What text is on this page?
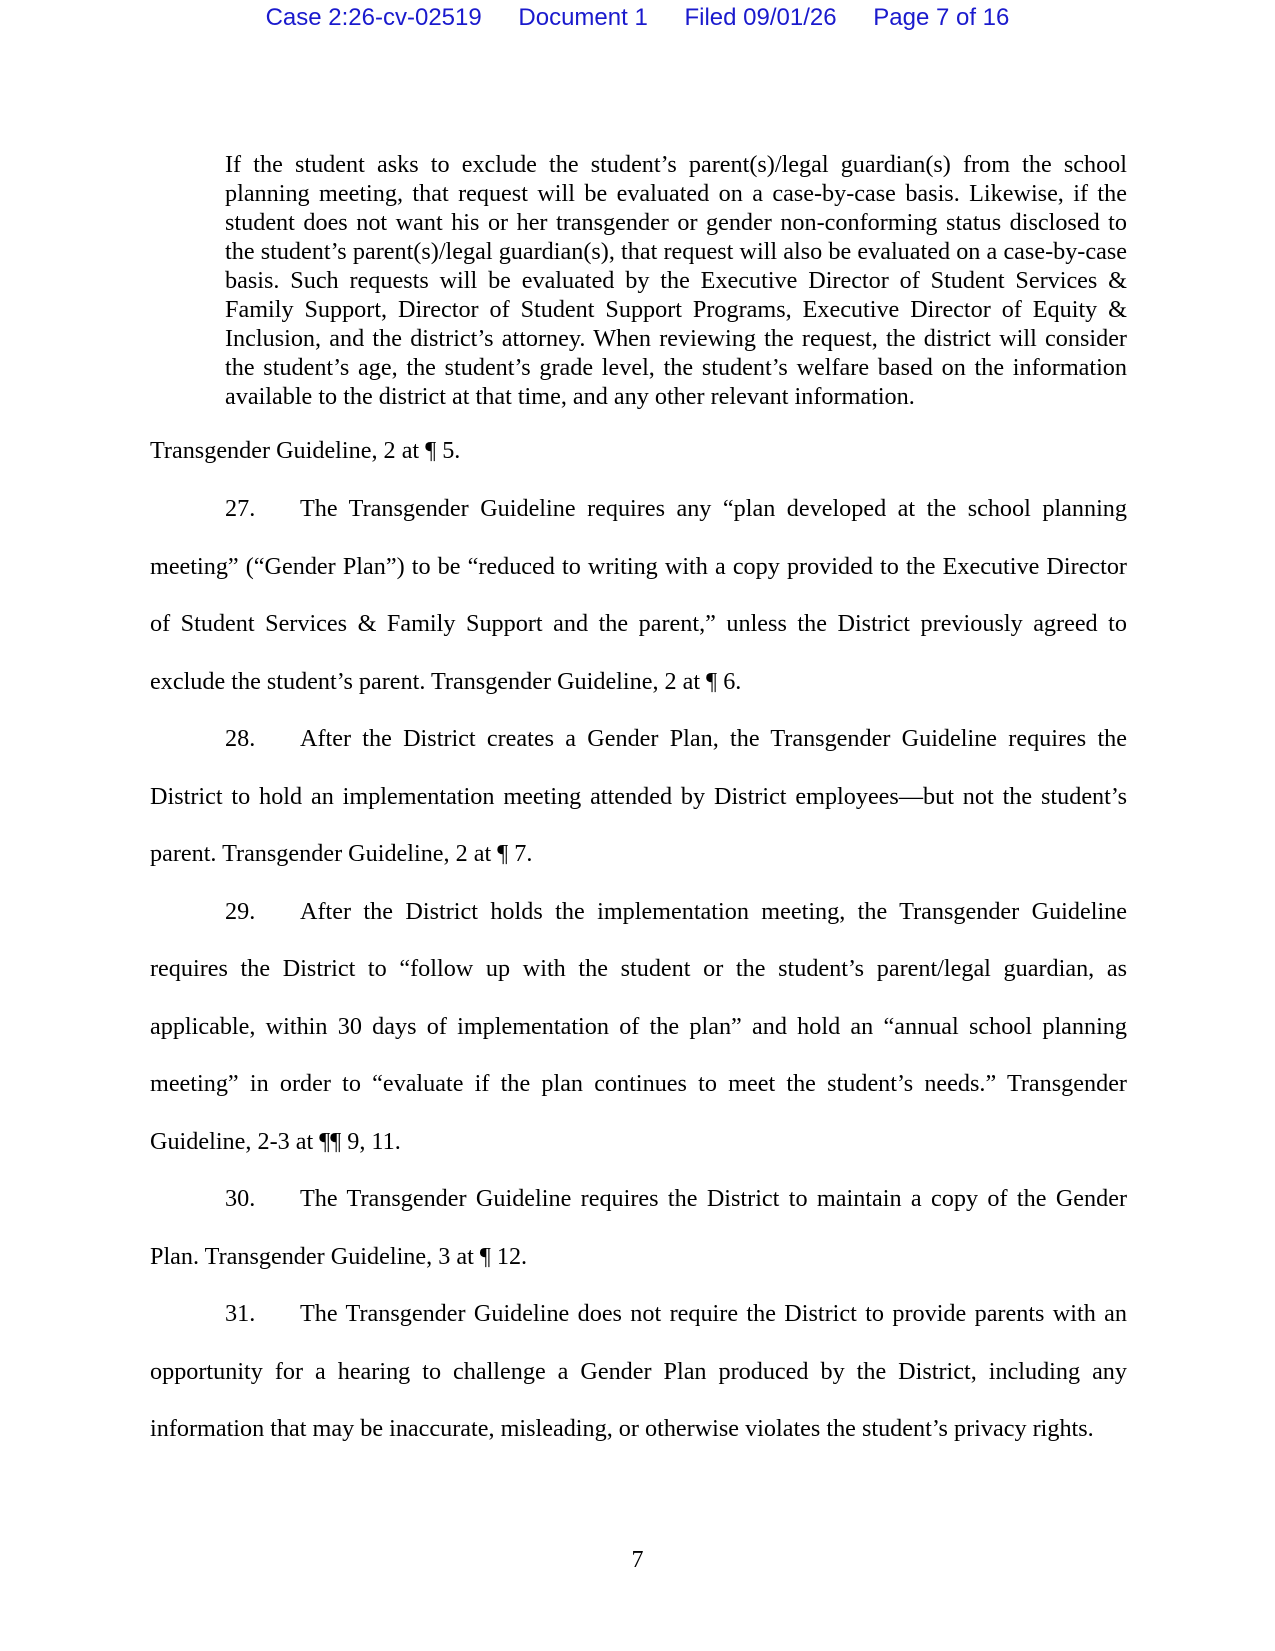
Case 2:26-cv-02519 Document 1 Filed 09/01/26 Page 7 of 16
If the student asks to exclude the student’s parent(s)/legal guardian(s) from the school planning meeting, that request will be evaluated on a case-by-case basis. Likewise, if the student does not want his or her transgender or gender non-conforming status disclosed to the student’s parent(s)/legal guardian(s), that request will also be evaluated on a case-by-case basis. Such requests will be evaluated by the Executive Director of Student Services & Family Support, Director of Student Support Programs, Executive Director of Equity & Inclusion, and the district’s attorney. When reviewing the request, the district will consider the student’s age, the student’s grade level, the student’s welfare based on the information available to the district at that time, and any other relevant information.
Transgender Guideline, 2 at ¶ 5.

27. The Transgender Guideline requires any “plan developed at the school planning meeting” (“Gender Plan”) to be “reduced to writing with a copy provided to the Executive Director of Student Services & Family Support and the parent,” unless the District previously agreed to exclude the student’s parent. Transgender Guideline, 2 at ¶ 6.

28. After the District creates a Gender Plan, the Transgender Guideline requires the District to hold an implementation meeting attended by District employees—but not the student’s parent. Transgender Guideline, 2 at ¶ 7.

29. After the District holds the implementation meeting, the Transgender Guideline requires the District to “follow up with the student or the student’s parent/legal guardian, as applicable, within 30 days of implementation of the plan” and hold an “annual school planning meeting” in order to “evaluate if the plan continues to meet the student’s needs.” Transgender Guideline, 2-3 at ¶¶ 9, 11.

30. The Transgender Guideline requires the District to maintain a copy of the Gender Plan. Transgender Guideline, 3 at ¶ 12.

31. The Transgender Guideline does not require the District to provide parents with an opportunity for a hearing to challenge a Gender Plan produced by the District, including any information that may be inaccurate, misleading, or otherwise violates the student’s privacy rights.

7
